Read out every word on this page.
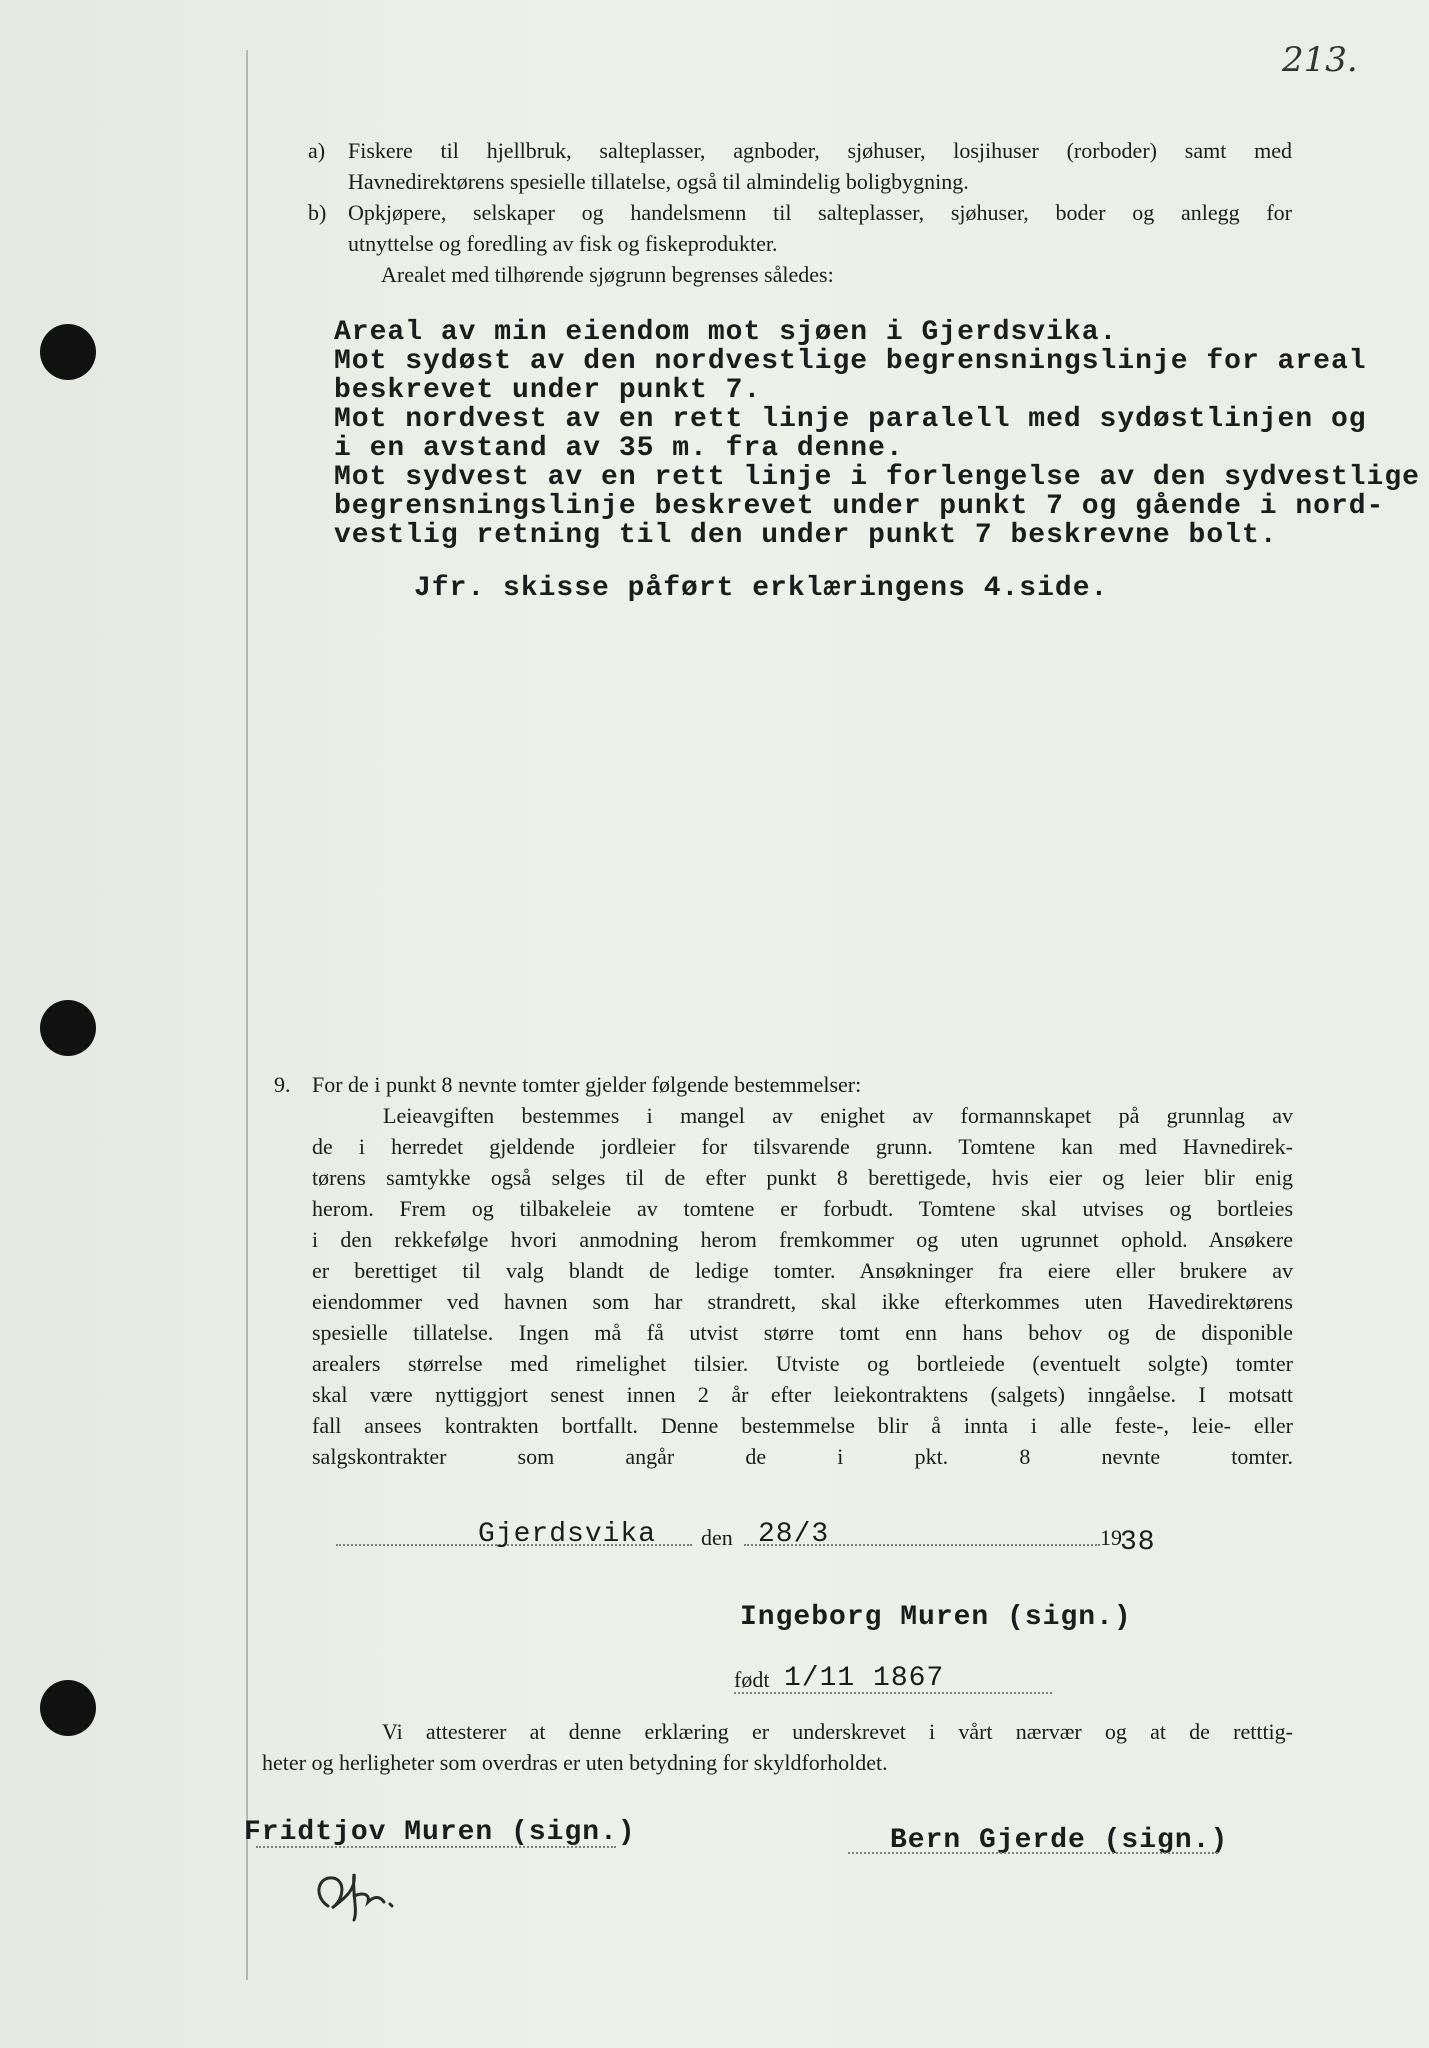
213.
a) Fiskere til hjellbruk, salteplasser, agnboder, sjøhuser, losjihuser (rorboder) samt med
Havnedirektørens spesielle tillatelse, også til almindelig boligbygning.
b) Opkjøpere, selskaper og handelsmenn til salteplasser, sjøhuser, boder og anlegg for
utnyttelse og foredling av fisk og fiskeprodukter.
Arealet med tilhørende sjøgrunn begrenses således:
Areal av min eiendom mot sjøen i Gjerdsvika.
Mot sydøst av den nordvestlige begrensningslinje for areal
beskrevet under punkt 7.
Mot nordvest av en rett linje paralell med sydøstlinjen og
i en avstand av 35 m. fra denne.
Mot sydvest av en rett linje i forlengelse av den sydvestlige
begrensningslinje beskrevet under punkt 7 og gående i nord-
vestlig retning til den under punkt 7 beskrevne bolt.
Jfr. skisse påført erklæringens 4.side.
9. For de i punkt 8 nevnte tomter gjelder følgende bestemmelser:
Leieavgiften bestemmes i mangel av enighet av formannskapet på grunnlag av
de i herredet gjeldende jordleier for tilsvarende grunn. Tomtene kan med Havnedirek-
tørens samtykke også selges til de efter punkt 8 berettigede, hvis eier og leier blir enig
herom. Frem og tilbakeleie av tomtene er forbudt. Tomtene skal utvises og bortleies
i den rekkefølge hvori anmodning herom fremkommer og uten ugrunnet ophold. Ansøkere
er berettiget til valg blandt de ledige tomter. Ansøkninger fra eiere eller brukere av
eiendommer ved havnen som har strandrett, skal ikke efterkommes uten Havedirektørens
spesielle tillatelse. Ingen må få utvist større tomt enn hans behov og de disponible
arealers størrelse med rimelighet tilsier. Utviste og bortleiede (eventuelt solgte) tomter
skal være nyttiggjort senest innen 2 år efter leiekontraktens (salgets) inngåelse. I motsatt
fall ansees kontrakten bortfallt. Denne bestemmelse blir å innta i alle feste-, leie- eller
salgskontrakter som angår de i pkt. 8 nevnte tomter.
Gjerdsvika den 28/3	19
38
Ingeborg Muren (sign.)
født 1/11 1867
Vi attesterer at denne erklæring er underskrevet i vårt nærvær og at de retttig-
heter og herligheter som overdras er uten betydning for skyldforholdet.
Fridtjov Muren (sign.)	Bern Gjerde (sign.)
